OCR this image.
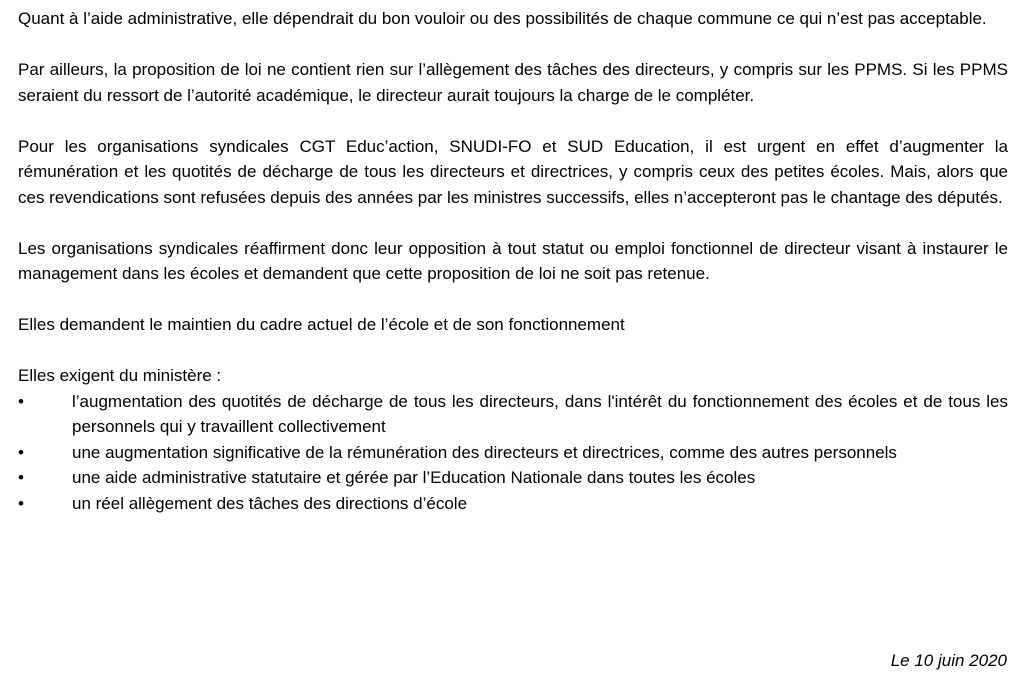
Quant à l’aide administrative, elle dépendrait du bon vouloir ou des possibilités de chaque commune ce qui n’est pas acceptable.

Par ailleurs, la proposition de loi ne contient rien sur l’allègement des tâches des directeurs, y compris sur les PPMS. Si les PPMS seraient du ressort de l’autorité académique, le directeur aurait toujours la charge de le compléter.

Pour les organisations syndicales CGT Educ’action, SNUDI-FO et SUD Education, il est urgent en effet d’augmenter la rémunération et les quotités de décharge de tous les directeurs et directrices, y compris ceux des petites écoles. Mais, alors que ces revendications sont refusées depuis des années par les ministres successifs, elles n’accepteront pas le chantage des députés.

Les organisations syndicales réaffirment donc leur opposition à tout statut ou emploi fonctionnel de directeur visant à instaurer le management dans les écoles et demandent que cette proposition de loi ne soit pas retenue.

Elles demandent le maintien du cadre actuel de l’école et de son fonctionnement

Elles exigent du ministère :

•	l’augmentation des quotités de décharge de tous les directeurs, dans l'intérêt du fonctionnement des écoles et de tous les personnels qui y travaillent collectivement
•	une augmentation significative de la rémunération des directeurs et directrices, comme des autres personnels
•	une aide administrative statutaire et gérée par l’Education Nationale dans toutes les écoles
•	un réel allègement des tâches des directions d’école
Le 10 juin 2020
